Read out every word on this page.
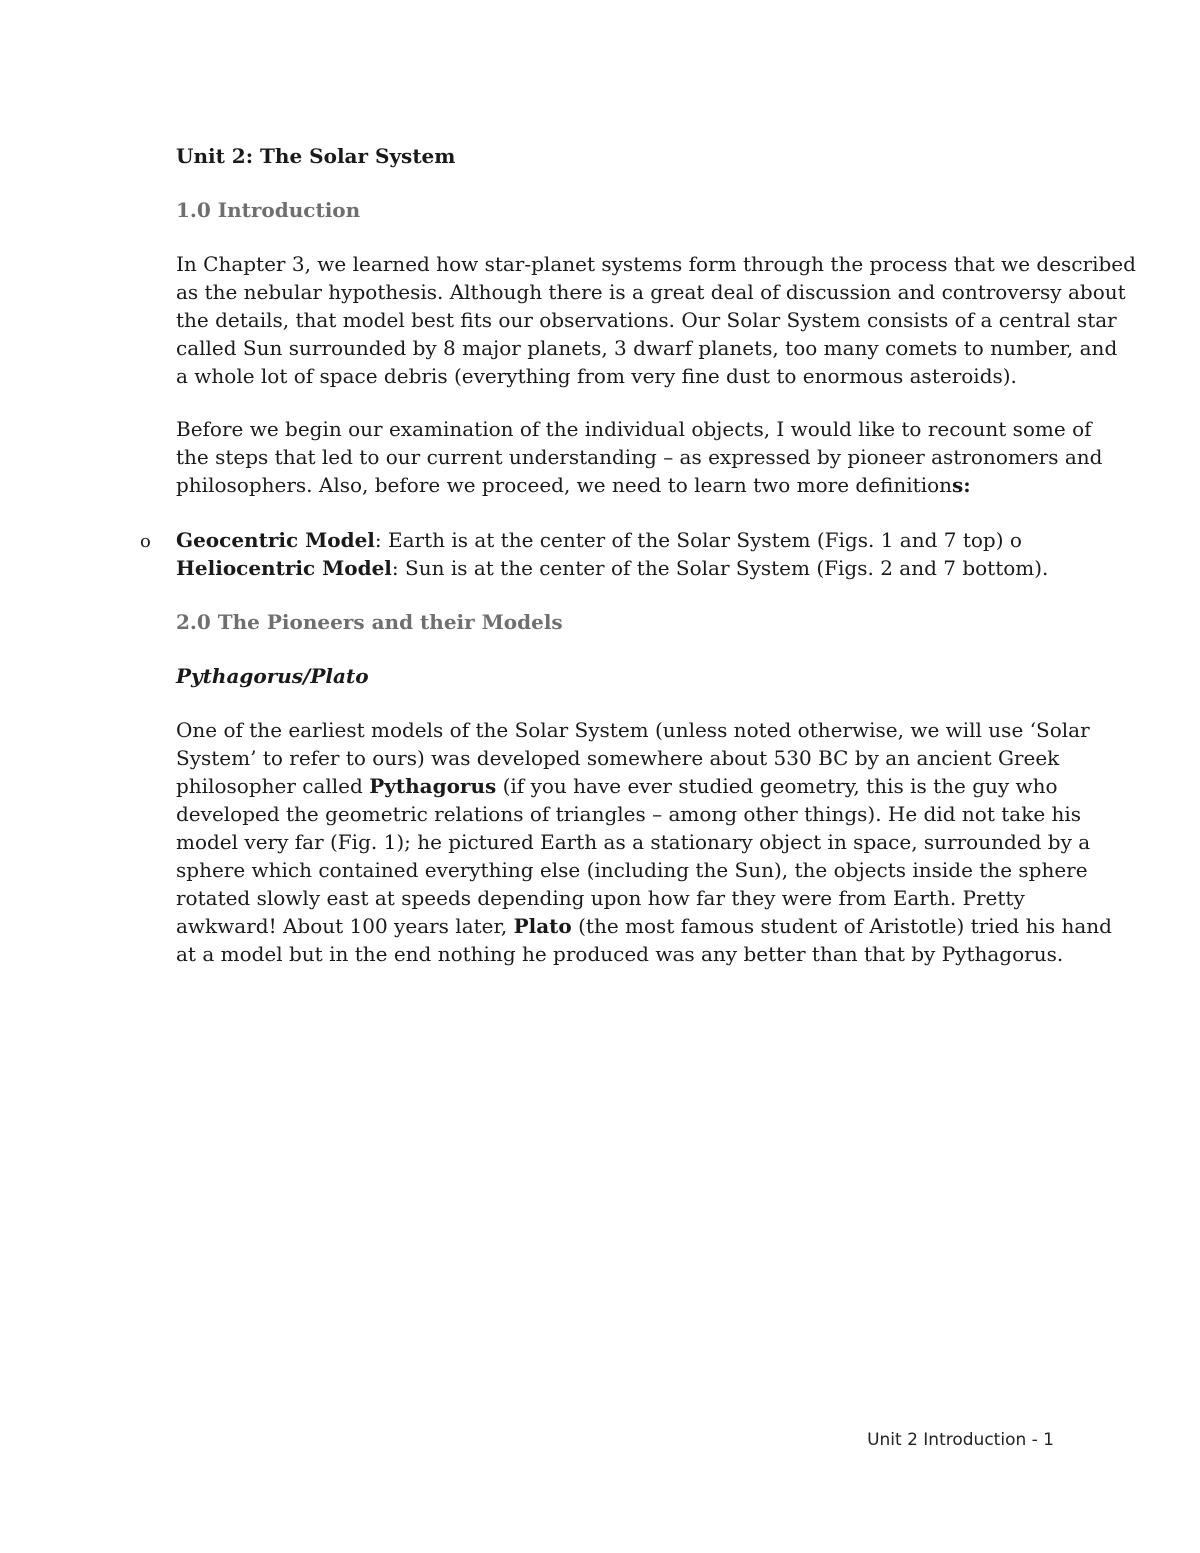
Unit 2: The Solar System
1.0 Introduction
In Chapter 3, we learned how star-planet systems form through the process that we described
as the nebular hypothesis. Although there is a great deal of discussion and controversy about
the details, that model best fits our observations. Our Solar System consists of a central star
called Sun surrounded by 8 major planets, 3 dwarf planets, too many comets to number, and
a whole lot of space debris (everything from very fine dust to enormous asteroids).
Before we begin our examination of the individual objects, I would like to recount some of
the steps that led to our current understanding – as expressed by pioneer astronomers and
philosophers. Also, before we proceed, we need to learn two more definitions:
o Geocentric Model: Earth is at the center of the Solar System (Figs. 1 and 7 top) o
Heliocentric Model: Sun is at the center of the Solar System (Figs. 2 and 7 bottom).
2.0 The Pioneers and their Models
Pythagorus/Plato
One of the earliest models of the Solar System (unless noted otherwise, we will use ‘Solar
System’ to refer to ours) was developed somewhere about 530 BC by an ancient Greek
philosopher called Pythagorus (if you have ever studied geometry, this is the guy who
developed the geometric relations of triangles – among other things). He did not take his
model very far (Fig. 1); he pictured Earth as a stationary object in space, surrounded by a
sphere which contained everything else (including the Sun), the objects inside the sphere
rotated slowly east at speeds depending upon how far they were from Earth. Pretty
awkward! About 100 years later, Plato (the most famous student of Aristotle) tried his hand
at a model but in the end nothing he produced was any better than that by Pythagorus.
Unit 2 Introduction - 1
